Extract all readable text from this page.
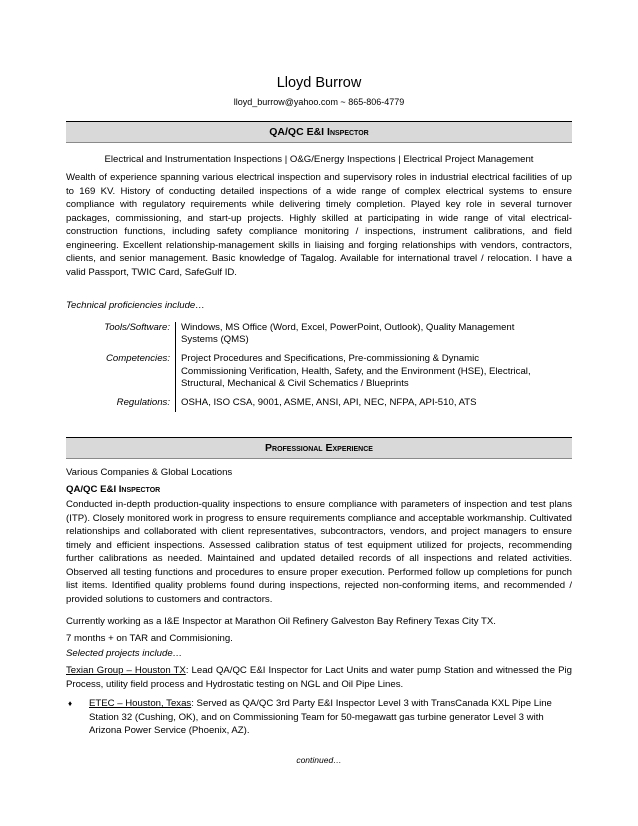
Lloyd Burrow
lloyd_burrow@yahoo.com ~ 865-806-4779
QA/QC E&I Inspector
Electrical and Instrumentation Inspections | O&G/Energy Inspections | Electrical Project Management
Wealth of experience spanning various electrical inspection and supervisory roles in industrial electrical facilities of up to 169 KV. History of conducting detailed inspections of a wide range of complex electrical systems to ensure compliance with regulatory requirements while delivering timely completion. Played key role in several turnover packages, commissioning, and start-up projects. Highly skilled at participating in wide range of vital electrical-construction functions, including safety compliance monitoring / inspections, instrument calibrations, and field engineering. Excellent relationship-management skills in liaising and forging relationships with vendors, contractors, clients, and senior management. Basic knowledge of Tagalog. Available for international travel / relocation. I have a valid Passport, TWIC Card, SafeGulf ID.
Technical proficiencies include…
Tools/Software:	Windows, MS Office (Word, Excel, PowerPoint, Outlook), Quality Management Systems (QMS)
Competencies:	Project Procedures and Specifications, Pre-commissioning & Dynamic Commissioning Verification, Health, Safety, and the Environment (HSE), Electrical, Structural, Mechanical & Civil Schematics / Blueprints
Regulations:	OSHA, ISO CSA, 9001, ASME, ANSI, API, NEC, NFPA, API-510, ATS
Professional Experience
Various Companies & Global Locations
QA/QC E&I Inspector
Conducted in-depth production-quality inspections to ensure compliance with parameters of inspection and test plans (ITP). Closely monitored work in progress to ensure requirements compliance and acceptable workmanship. Cultivated relationships and collaborated with client representatives, subcontractors, vendors, and project managers to ensure timely and efficient inspections. Assessed calibration status of test equipment utilized for projects, recommending further calibrations as needed. Maintained and updated detailed records of all inspections and related activities. Observed all testing functions and procedures to ensure proper execution. Performed follow up completions for punch list items. Identified quality problems found during inspections, rejected non-conforming items, and recommended / provided solutions to customers and contractors.
Currently working as a I&E Inspector at Marathon Oil Refinery Galveston Bay Refinery Texas City TX.
7 months + on TAR and Commisioning.
Selected projects include…
Texian Group – Houston TX: Lead QA/QC E&I Inspector for Lact Units and water pump Station and witnessed the Pig Process, utility field process and Hydrostatic testing on NGL and Oil Pipe Lines.
♦	ETEC – Houston, Texas: Served as QA/QC 3rd Party E&I Inspector Level 3 with TransCanada KXL Pipe Line Station 32 (Cushing, OK), and on Commissioning Team for 50-megawatt gas turbine generator Level 3 with Arizona Power Service (Phoenix, AZ).
continued…
